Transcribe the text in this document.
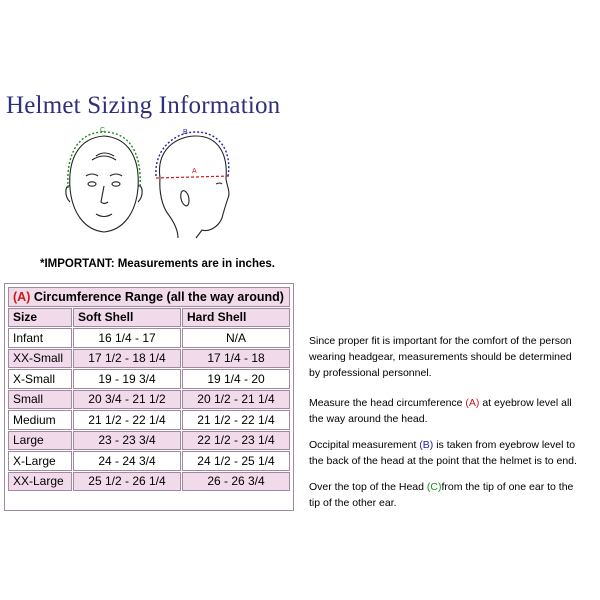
Helmet Sizing Information
C	B
A
*IMPORTANT: Measurements are in inches.
(A) Circumference Range (all the way around)		
Size	Soft Shell	Hard Shell
Infant	16 1/4 - 17	N/A
XX-Small	17 1/2 - 18 1/4	17 1/4 - 18
X-Small	19 - 19 3/4	19 1/4 - 20
Small	20 3/4 - 21 1/2	20 1/2 - 21 1/4
Medium	21 1/2 - 22 1/4	21 1/2 - 22 1/4
Large	23 - 23 3/4	22 1/2 - 23 1/4
X-Large	24 - 24 3/4	24 1/2 - 25 1/4
XX-Large	25 1/2 - 26 1/4	26 - 26 3/4

Since proper fit is important for the comfort of the person wearing headgear, measurements should be determined by professional personnel.

Measure the head circumference (A) at eyebrow level all the way around the head.

Occipital measurement (B) is taken from eyebrow level to the back of the head at the point that the helmet is to end.

Over the top of the Head (C)from the tip of one ear to the tip of the other ear.
